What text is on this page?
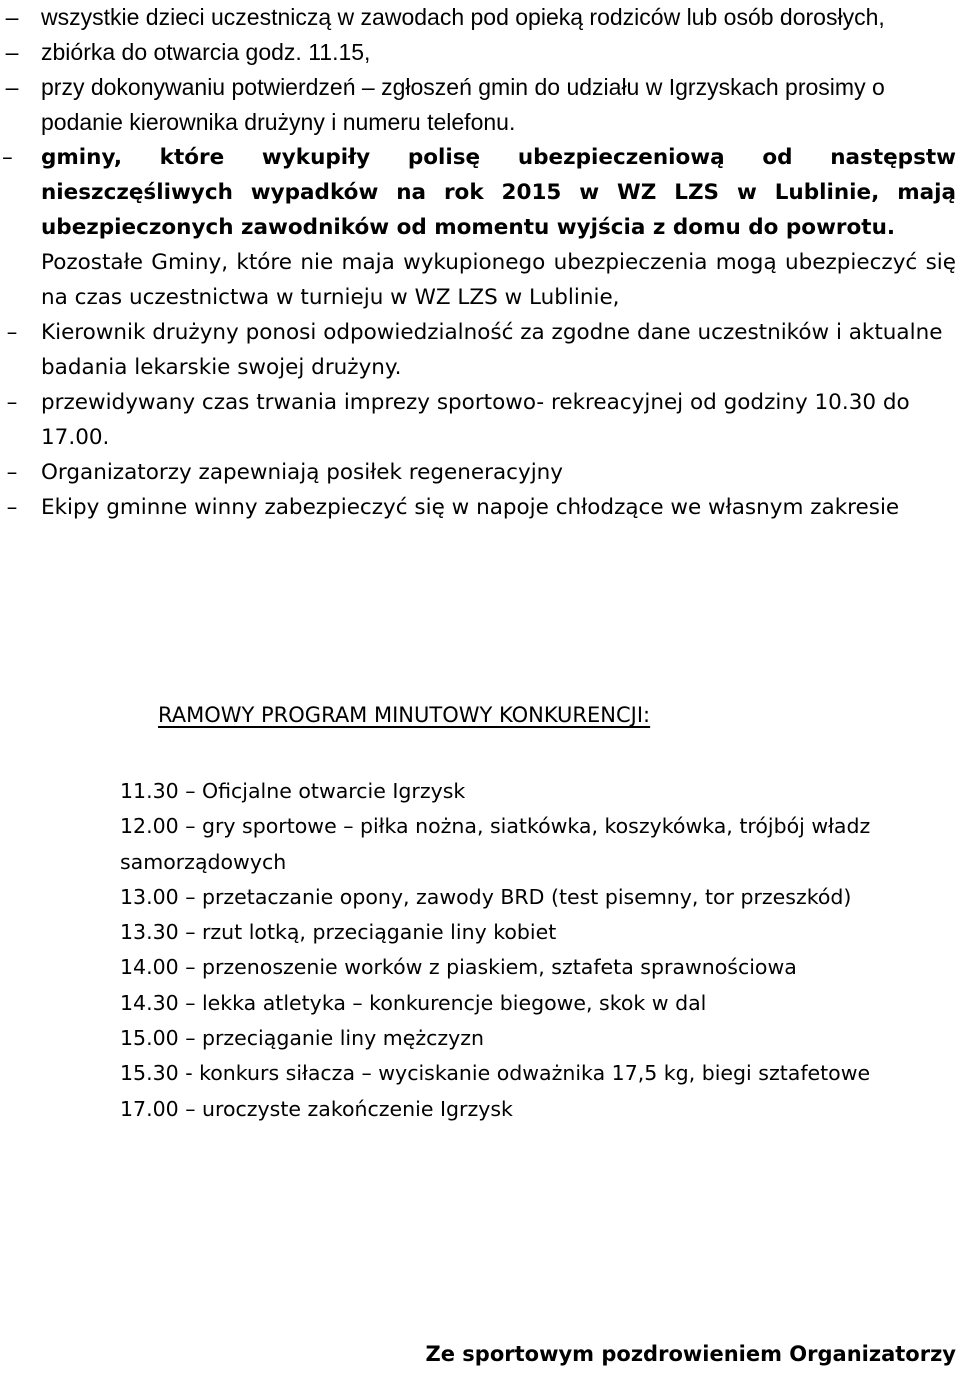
– wszystkie dzieci uczestniczą w zawodach pod opieką rodziców lub osób dorosłych,
– zbiórka do otwarcia godz. 11.15,
– przy dokonywaniu potwierdzeń – zgłoszeń gmin do udziału w Igrzyskach prosimy o podanie kierownika drużyny i numeru telefonu.
–	gminy, które wykupiły polisę ubezpieczeniową od następstw nieszczęśliwych wypadków na rok 2015 w WZ LZS w Lublinie, mają ubezpieczonych zawodników od momentu wyjścia z domu do powrotu.
Pozostałe Gminy, które nie maja wykupionego ubezpieczenia mogą ubezpieczyć się na czas uczestnictwa w turnieju w WZ LZS w Lublinie,
– Kierownik drużyny ponosi odpowiedzialność za zgodne dane uczestników i aktualne badania lekarskie swojej drużyny.
– przewidywany czas trwania imprezy sportowo- rekreacyjnej od godziny 10.30 do 17.00.
– Organizatorzy zapewniają posiłek regeneracyjny
– Ekipy gminne winny zabezpieczyć się w napoje chłodzące we własnym zakresie
RAMOWY PROGRAM MINUTOWY KONKURENCJI:
11.30 – Oficjalne otwarcie Igrzysk
12.00 – gry sportowe – piłka nożna, siatkówka, koszykówka, trójbój władz samorządowych
13.00 – przetaczanie opony, zawody BRD (test pisemny, tor przeszkód)
13.30 – rzut lotką, przeciąganie liny kobiet
14.00 – przenoszenie worków z piaskiem, sztafeta sprawnościowa
14.30 – lekka atletyka – konkurencje biegowe, skok w dal
15.00 – przeciąganie liny mężczyzn
15.30 - konkurs siłacza – wyciskanie odważnika 17,5 kg, biegi sztafetowe
17.00 – uroczyste zakończenie Igrzysk
Ze sportowym pozdrowieniem Organizatorzy
